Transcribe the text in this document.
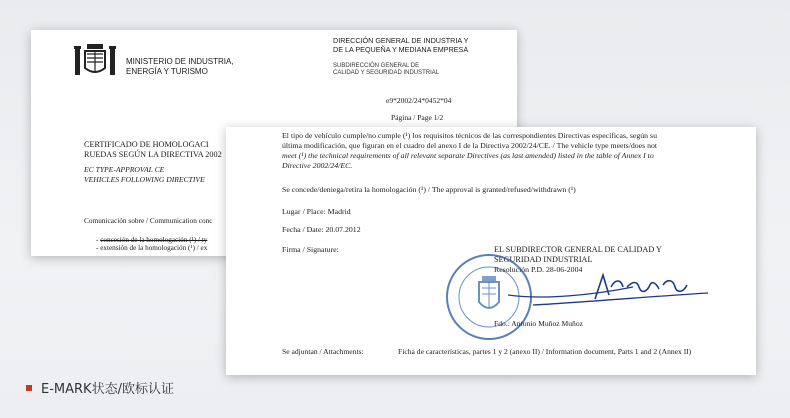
MINISTERIO DE INDUSTRIA,
ENERGÍA Y TURISMO
DIRECCIÓN GENERAL DE INDUSTRIA Y
DE LA PEQUEÑA Y MEDIANA EMPRESA
SUBDIRECCIÓN GENERAL DE
CALIDAD Y SEGURIDAD INDUSTRIAL
e9*2002/24*0452*04
Página / Page 1/2
CERTIFICADO DE HOMOLOGACI
RUEDAS SEGÚN LA DIRECTIVA 2002
EC TYPE-APPROVAL CE
VEHICLES FOLLOWING DIRECTIVE
Comunicación sobre / Communication conc
- concesión de la homologación (¹) / ty
- extensión de la homologación (¹) / ex
El tipo de vehículo cumple/no cumple (¹) los requisitos técnicos de las correspondientes Directivas específicas, según su
última modificación, que figuran en el cuadro del anexo I de la Directiva 2002/24/CE. / The vehicle type meets/does not
meet (¹) the technical requirements of all relevant separate Directives (as last amended) listed in the table of Annex I to
Directive 2002/24/EC.
Se concede/deniega/retira la homologación (¹) / The approval is granted/refused/withdrawn (¹)
Lugar / Place: Madrid
Fecha / Date: 20.07.2012
Firma / Signature:	EL SUBDIRECTOR GENERAL DE CALIDAD Y
SEGURIDAD INDUSTRIAL
Resolución P.D. 28-06-2004
Fdo.: Antonio Muñoz Muñoz
Se adjuntan / Attachments:	Ficha de características, partes 1 y 2 (anexo II) / Information document, Parts 1 and 2 (Annex II)
E-MARK状态/欧标认证
